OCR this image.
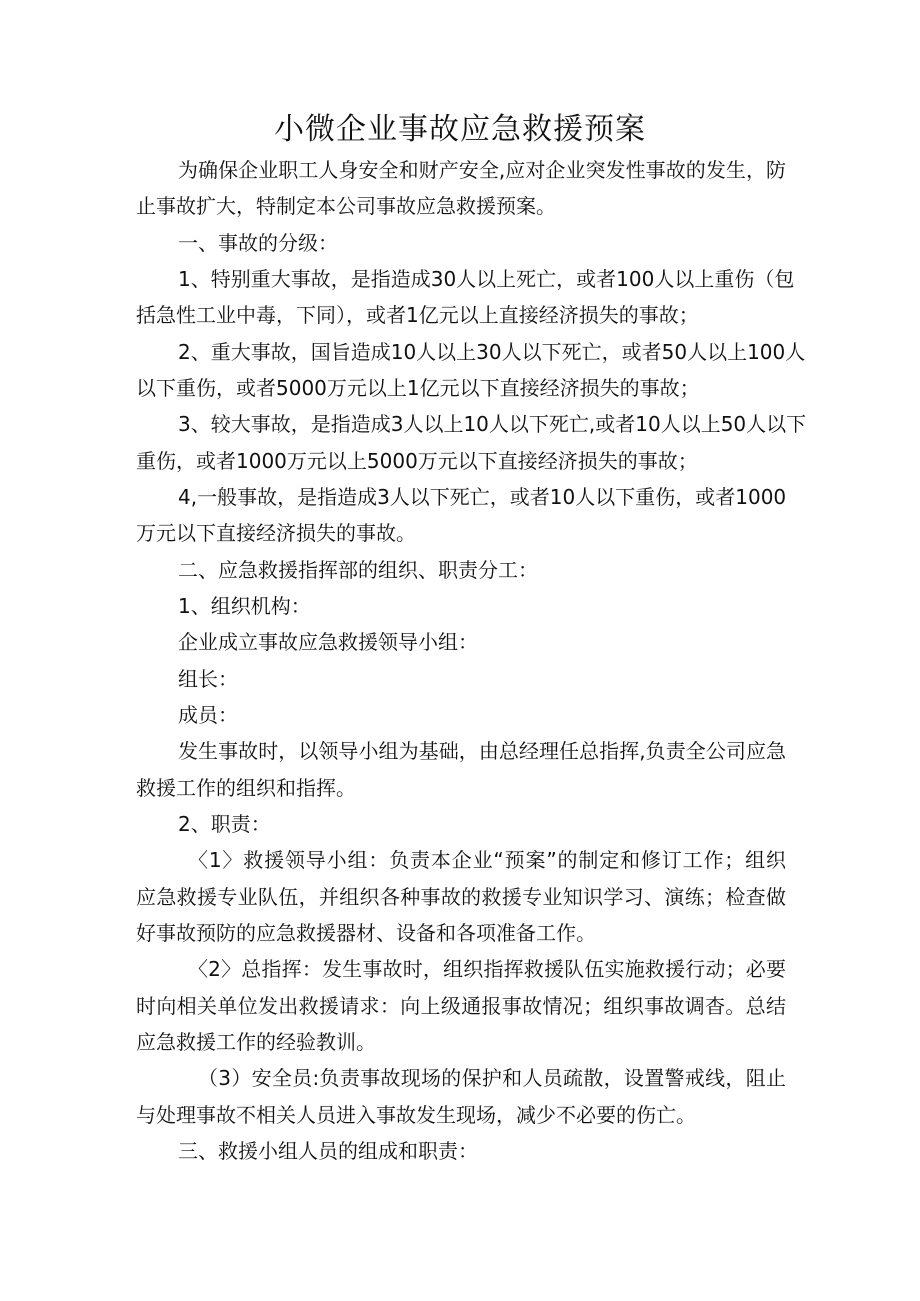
小微企业事故应急救援预案
为确保企业职工人身安全和财产安全,应对企业突发性事故的发生，防
止事故扩大，特制定本公司事故应急救援预案。
一、事故的分级：
1、特别重大事故，是指造成30人以上死亡，或者100人以上重伤（包
括急性工业中毒，下同），或者1亿元以上直接经济损失的事故；
2、重大事故，国旨造成10人以上30人以下死亡，或者50人以上100人
以下重伤，或者5000万元以上1亿元以下直接经济损失的事故；
3、较大事故，是指造成3人以上10人以下死亡,或者10人以上50人以下
重伤，或者1000万元以上5000万元以下直接经济损失的事故；
4,一般事故，是指造成3人以下死亡，或者10人以下重伤，或者1000
万元以下直接经济损失的事故。
二、应急救援指挥部的组织、职责分工：
1、组织机构：
企业成立事故应急救援领导小组：
组长：
成员：
发生事故时，以领导小组为基础，由总经理任总指挥,负责全公司应急
救援工作的组织和指挥。
2、职责：
〈1〉救援领导小组：负责本企业“预案”的制定和修订工作；组织
应急救援专业队伍，并组织各种事故的救援专业知识学习、演练；检查做
好事故预防的应急救援器材、设备和各项准备工作。
〈2〉总指挥：发生事故时，组织指挥救援队伍实施救援行动；必要
时向相关单位发出救援请求：向上级通报事故情况；组织事故调杳。总结
应急救援工作的经验教训。
（3）安全员:负责事故现场的保护和人员疏散，设置警戒线，阻止
与处理事故不相关人员进入事故发生现场，减少不必要的伤亡。
三、救援小组人员的组成和职责：
